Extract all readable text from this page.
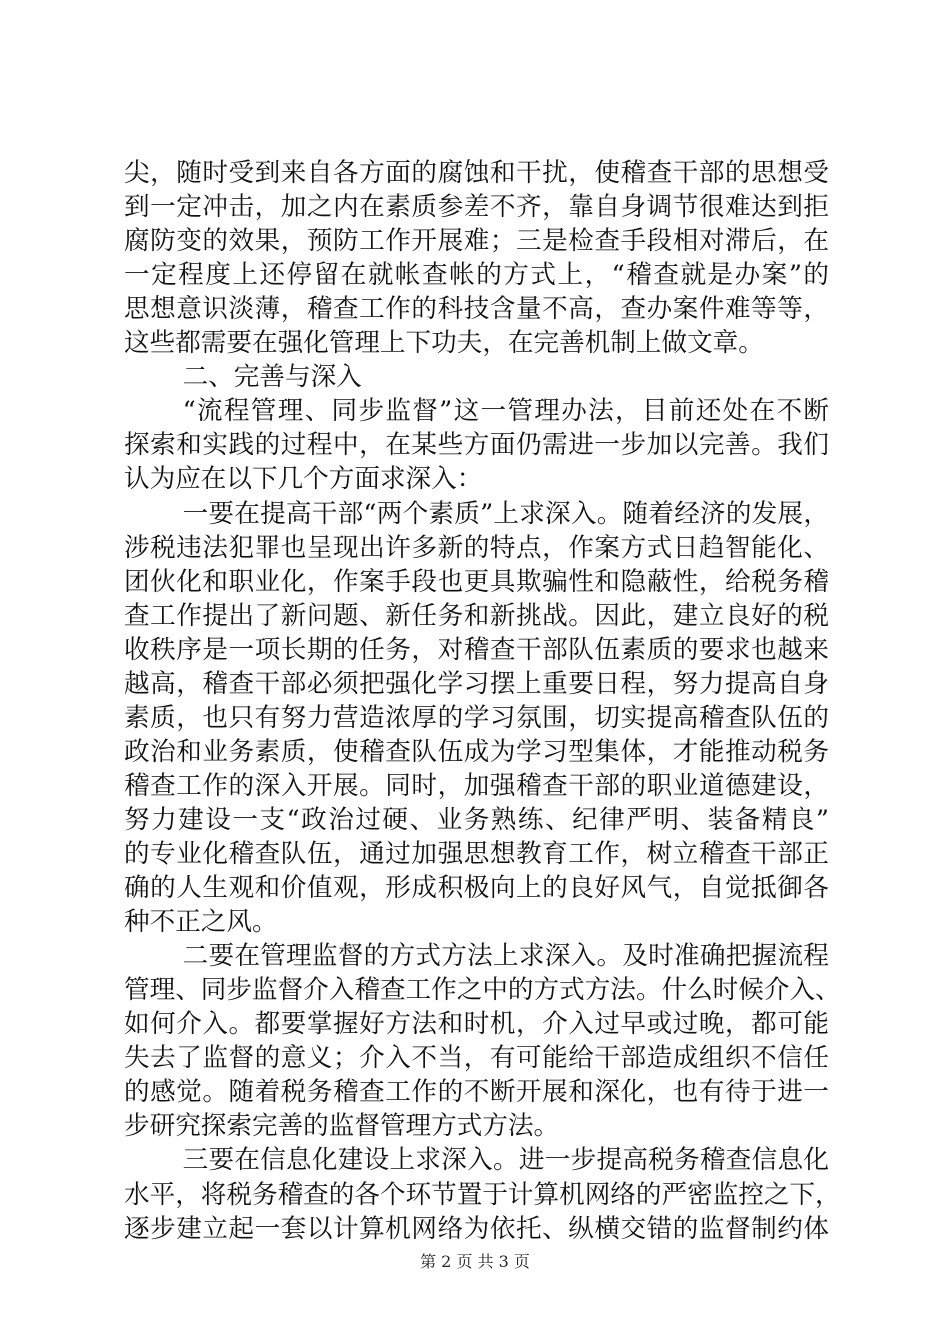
尖，随时受到来自各方面的腐蚀和干扰，使稽查干部的思想受
到一定冲击，加之内在素质参差不齐，靠自身调节很难达到拒
腐防变的效果，预防工作开展难；三是检查手段相对滞后，在
一定程度上还停留在就帐查帐的方式上，“稽查就是办案”的
思想意识淡薄，稽查工作的科技含量不高，查办案件难等等，
这些都需要在强化管理上下功夫，在完善机制上做文章。
二、完善与深入
“流程管理、同步监督”这一管理办法，目前还处在不断
探索和实践的过程中，在某些方面仍需进一步加以完善。我们
认为应在以下几个方面求深入：
一要在提高干部“两个素质”上求深入。随着经济的发展，
涉税违法犯罪也呈现出许多新的特点，作案方式日趋智能化、
团伙化和职业化，作案手段也更具欺骗性和隐蔽性，给税务稽
查工作提出了新问题、新任务和新挑战。因此，建立良好的税
收秩序是一项长期的任务，对稽查干部队伍素质的要求也越来
越高，稽查干部必须把强化学习摆上重要日程，努力提高自身
素质，也只有努力营造浓厚的学习氛围，切实提高稽查队伍的
政治和业务素质，使稽查队伍成为学习型集体，才能推动税务
稽查工作的深入开展。同时，加强稽查干部的职业道德建设，
努力建设一支“政治过硬、业务熟练、纪律严明、装备精良”
的专业化稽查队伍，通过加强思想教育工作，树立稽查干部正
确的人生观和价值观，形成积极向上的良好风气，自觉抵御各
种不正之风。
二要在管理监督的方式方法上求深入。及时准确把握流程
管理、同步监督介入稽查工作之中的方式方法。什么时候介入、
如何介入。都要掌握好方法和时机，介入过早或过晚，都可能
失去了监督的意义；介入不当，有可能给干部造成组织不信任
的感觉。随着税务稽查工作的不断开展和深化，也有待于进一
步研究探索完善的监督管理方式方法。
三要在信息化建设上求深入。进一步提高税务稽查信息化
水平，将税务稽查的各个环节置于计算机网络的严密监控之下，
逐步建立起一套以计算机网络为依托、纵横交错的监督制约体
第 2 页 共 3 页
